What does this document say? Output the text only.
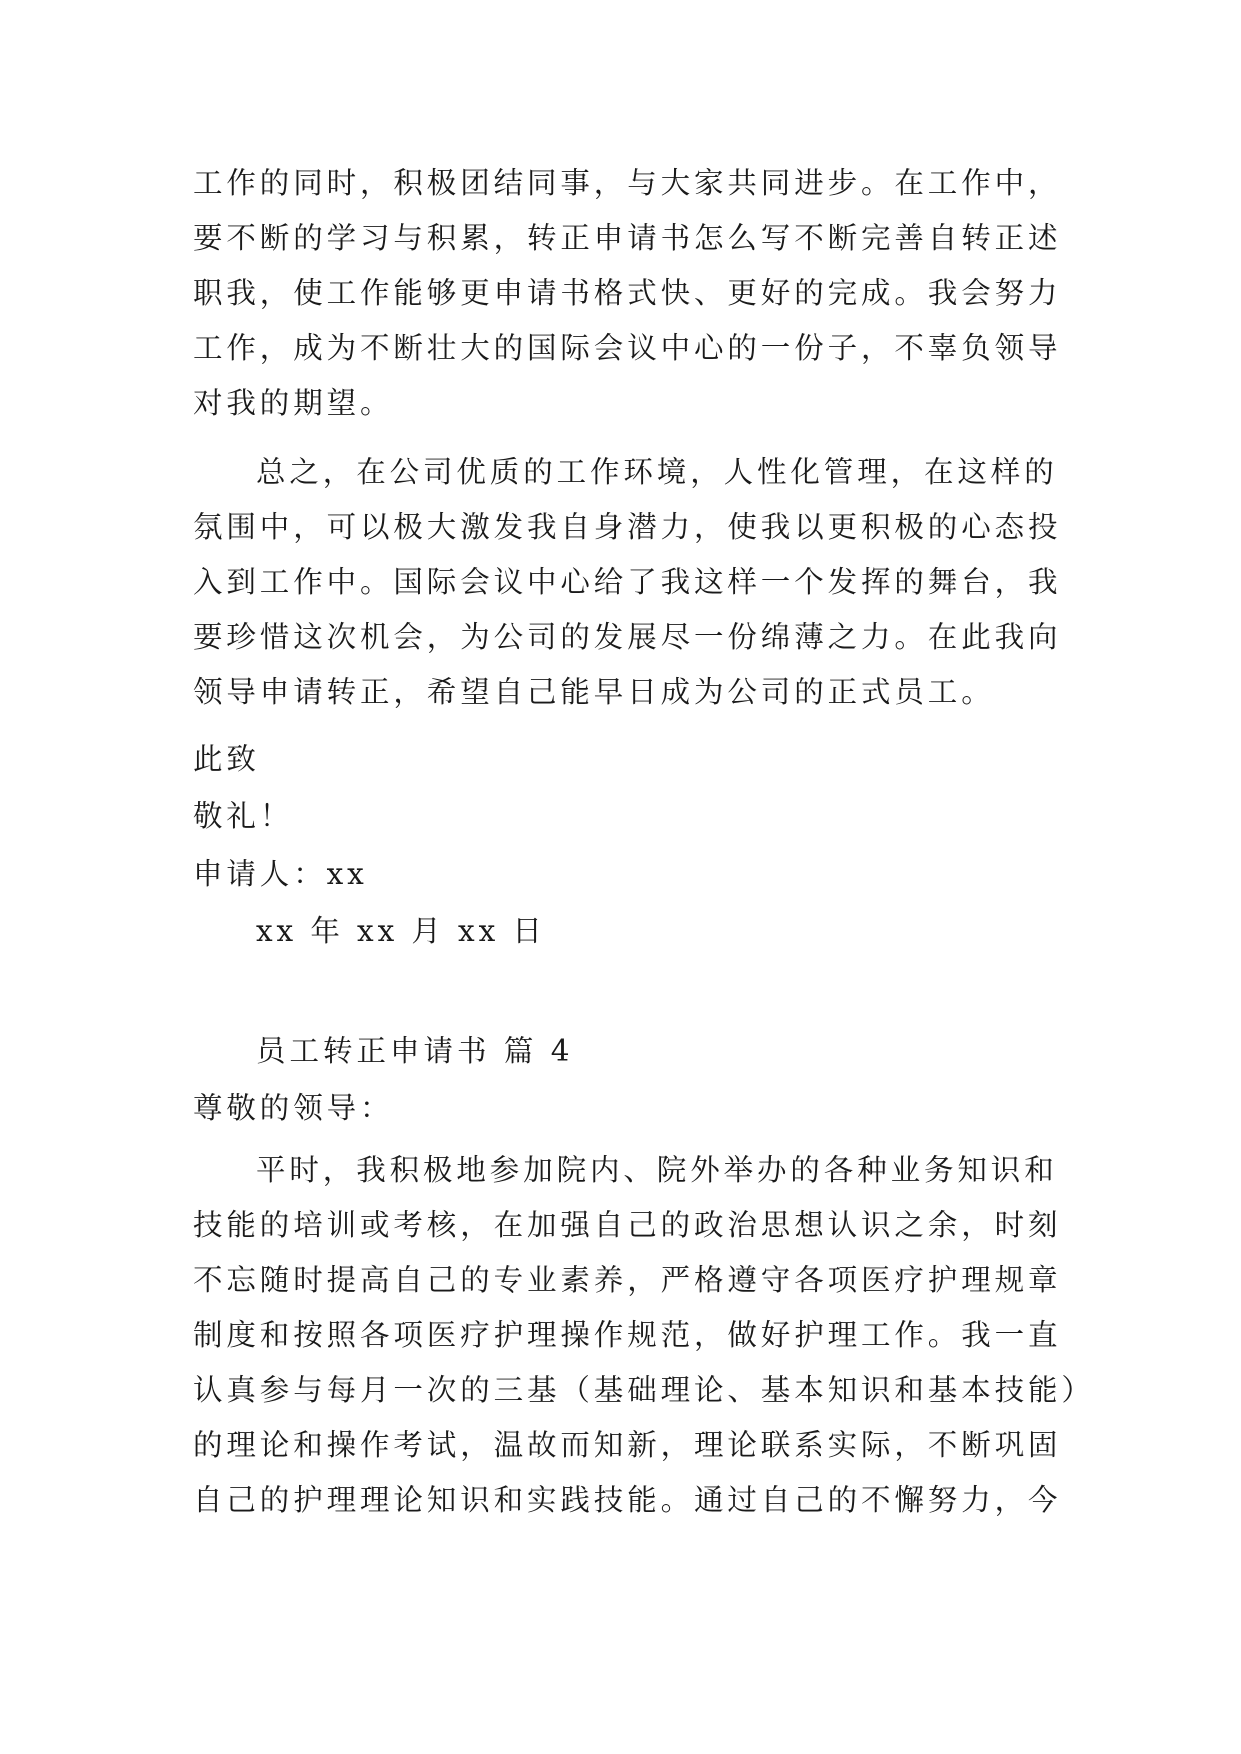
工作的同时，积极团结同事，与大家共同进步。在工作中，
要不断的学习与积累，转正申请书怎么写不断完善自转正述
职我，使工作能够更申请书格式快、更好的完成。我会努力
工作，成为不断壮大的国际会议中心的一份子，不辜负领导
对我的期望。
总之，在公司优质的工作环境，人性化管理，在这样的
氛围中，可以极大激发我自身潜力，使我以更积极的心态投
入到工作中。国际会议中心给了我这样一个发挥的舞台，我
要珍惜这次机会，为公司的发展尽一份绵薄之力。在此我向
领导申请转正，希望自己能早日成为公司的正式员工。
此致
敬礼！
申请人：xx
xx 年 xx 月 xx 日
员工转正申请书 篇 4
尊敬的领导：
平时，我积极地参加院内、院外举办的各种业务知识和
技能的培训或考核，在加强自己的政治思想认识之余，时刻
不忘随时提高自己的专业素养，严格遵守各项医疗护理规章
制度和按照各项医疗护理操作规范，做好护理工作。我一直
认真参与每月一次的三基（基础理论、基本知识和基本技能）
的理论和操作考试，温故而知新，理论联系实际，不断巩固
自己的护理理论知识和实践技能。通过自己的不懈努力，今
